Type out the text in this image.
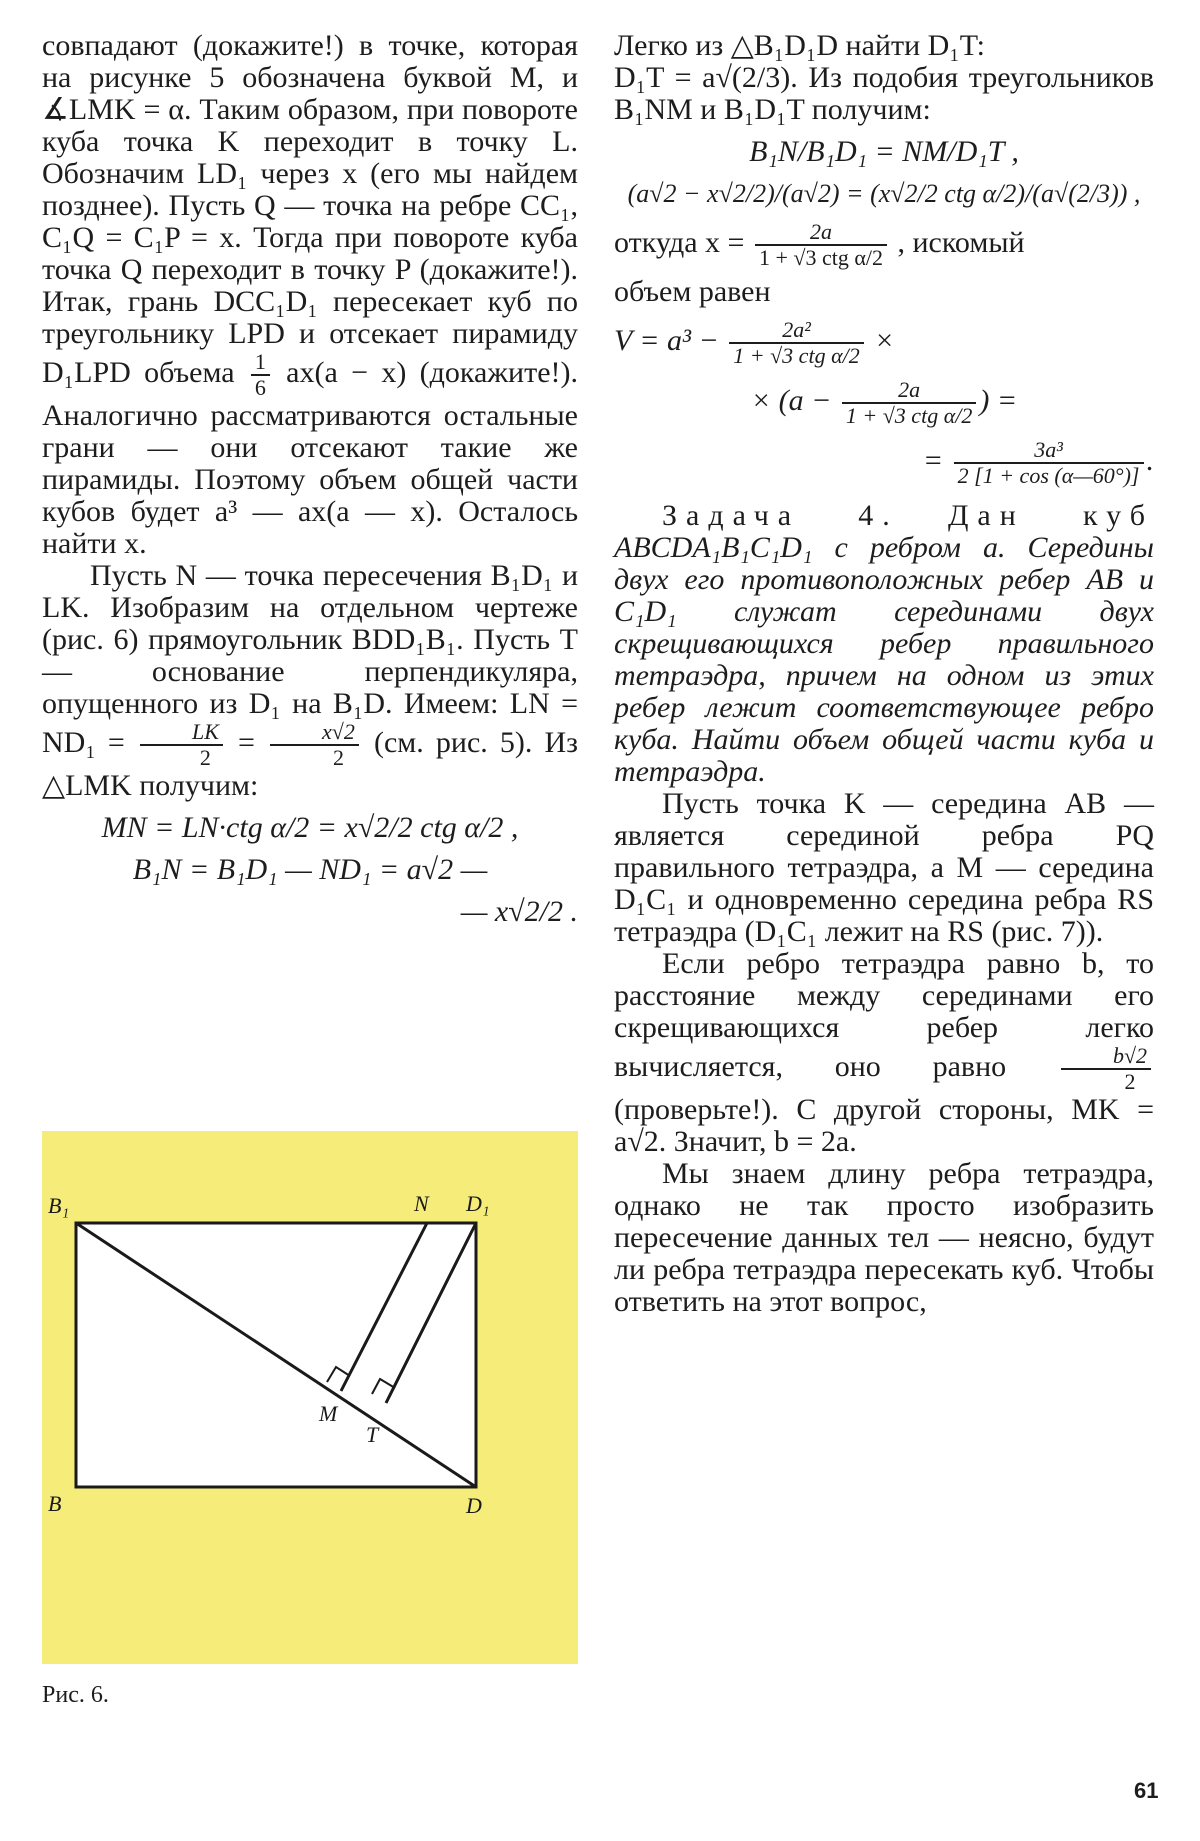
совпадают (докажите!) в точке, которая на рисунке 5 обозначена буквой M, и ∡LMK = α. Таким образом, при повороте куба точка K переходит в точку L. Обозначим LD₁ через x (его мы найдем позднее). Пусть Q — точка на ребре CC₁, C₁Q = C₁P = x. Тогда при повороте куба точка Q переходит в точку P (докажите!). Итак, грань DCC₁D₁ пересекает куб по треугольнику LPD и отсекает пирамиду D₁LPD объема $\frac{1}{6} ax(a - x)$ (докажите!). Аналогично рассматриваются остальные грани — они отсекают такие же пирамиды. Поэтому объем общей части кубов будет a³ — ax(a — x). Осталось найти x.

Пусть N — точка пересечения B₁D₁ и LK. Изобразим на отдельном чертеже (рис. 6) прямоугольник BDD₁B₁. Пусть T — основание перпендикуляра, опущенного из D₁ на B₁D. Имеем: LN = $ND_1 = \frac{LK}{2} = \frac{x√2}{2} (см$. рис. 5). Из △LMK получим:

MN = LN·ctg α/2 = x√2/2 ctg α/2 ,
B₁N = B₁D₁ — ND₁ = a√2 —
— x√2/2 .
B₁	N D₁
M
T
B	D
Рис. 6.

Легко из △B₁D₁D найти D₁T:

D₁T = a√(2/3). Из подобия треугольников B₁NM и B₁D₁T получим:

B₁N/B₁D₁ = NM/D₁T ,
(a√2 − x√2/2)/(a√2) = (x√2/2 ctg α/2)/(a√(2/3)) ,

откуда $x = \frac{2a}{\text{1 + √3 ctg α/2}}$ , искомый

объем равен

$V = a^3 - \frac{\text{2a²}}{\text{1 + √3 ctg α/2}}$ ×
× ($a - \frac{2a}{\text{1 + √3 ctg α/2}}$ ) =
= $\frac{\text{3a³}}{2 [1 + \cos (\alpha—60^\circ)]}$ .

Задача 4. Дан куб ABCDA₁B₁C₁D₁ с ребром a. Середины двух его противоположных ребер AB и C₁D₁ служат серединами двух скрещивающихся ребер правильного тетраэдра, причем на одном из этих ребер лежит соответствующее ребро куба. Найти объем общей части куба и тетраэдра.

Пусть точка K — середина AB — является серединой ребра PQ правильного тетраэдра, а M — середина D₁C₁ и одновременно середина ребра RS тетраэдра (D₁C₁ лежит на RS (рис. 7)).

Если ребро тетраэдра равно b, то расстояние между серединами его скрещивающихся ребер легко вычисляется, оно равно $\frac{b√2}{2}$
(проверьте!). С другой стороны, MK = a√2. Значит, b = 2a.

Мы знаем длину ребра тетраэдра, однако не так просто изобразить пересечение данных тел — неясно, будут ли ребра тетраэдра пересекать куб. Чтобы ответить на этот вопрос,

61
